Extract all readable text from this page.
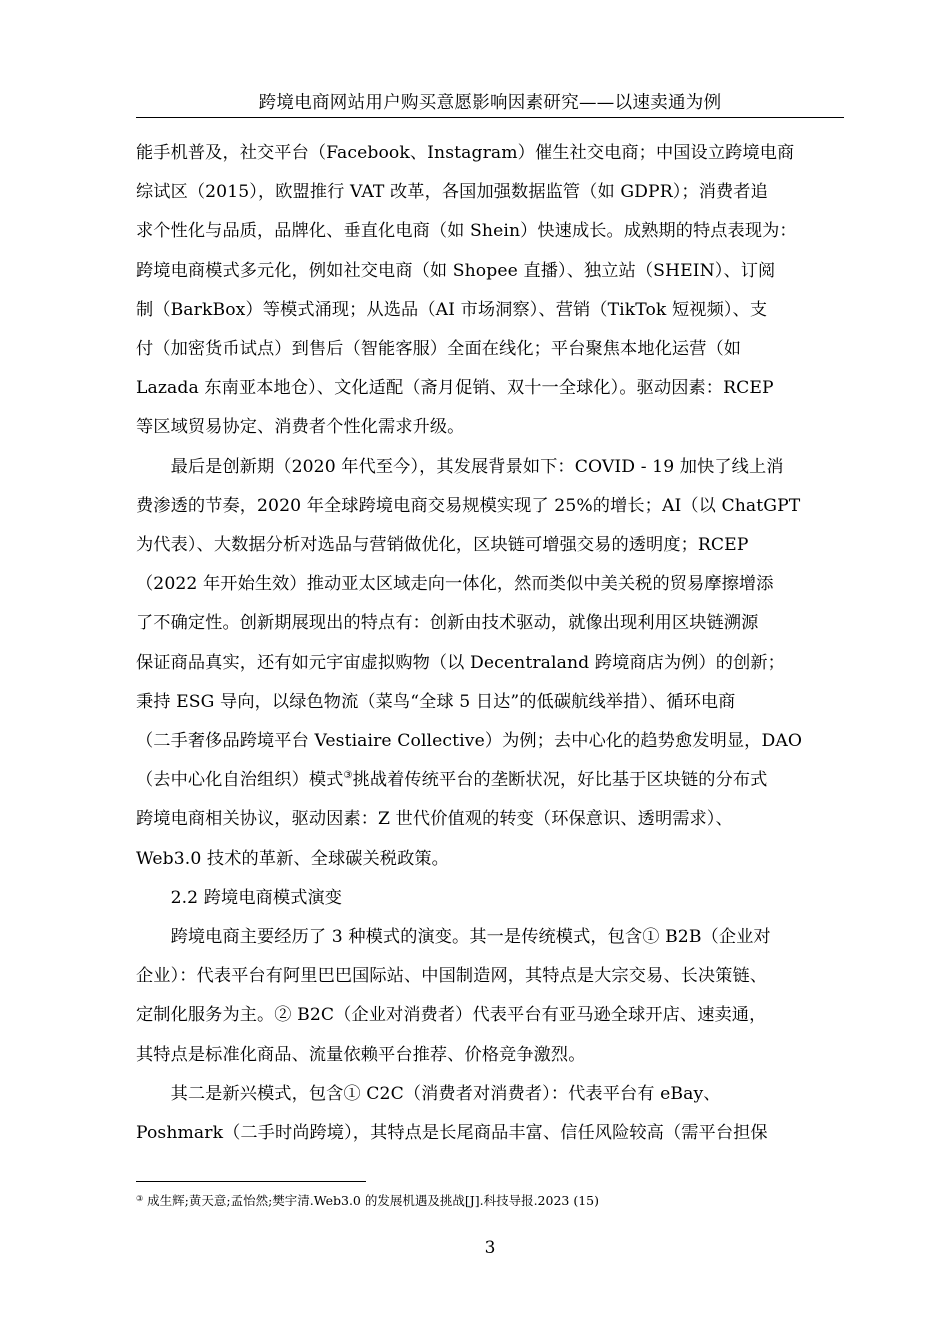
跨境电商网站用户购买意愿影响因素研究——以速卖通为例
能手机普及，社交平台（Facebook、Instagram）催生社交电商；中国设立跨境电商
综试区（2015），欧盟推行 VAT 改革，各国加强数据监管（如 GDPR）；消费者追
求个性化与品质，品牌化、垂直化电商（如 Shein）快速成长。成熟期的特点表现为：
跨境电商模式多元化，例如社交电商（如 Shopee 直播）、独立站（SHEIN）、订阅
制（BarkBox）等模式涌现；从选品（AI 市场洞察）、营销（TikTok 短视频）、支
付（加密货币试点）到售后（智能客服）全面在线化；平台聚焦本地化运营（如
Lazada 东南亚本地仓）、文化适配（斋月促销、双十一全球化）。驱动因素：RCEP
等区域贸易协定、消费者个性化需求升级。
　　最后是创新期（2020 年代至今），其发展背景如下：COVID - 19 加快了线上消
费渗透的节奏，2020 年全球跨境电商交易规模实现了 25%的增长；AI（以 ChatGPT
为代表）、大数据分析对选品与营销做优化，区块链可增强交易的透明度；RCEP
（2022 年开始生效）推动亚太区域走向一体化，然而类似中美关税的贸易摩擦增添
了不确定性。创新期展现出的特点有：创新由技术驱动，就像出现利用区块链溯源
保证商品真实，还有如元宇宙虚拟购物（以 Decentraland 跨境商店为例）的创新；
秉持 ESG 导向，以绿色物流（菜鸟“全球 5 日达”的低碳航线举措）、循环电商
（二手奢侈品跨境平台 Vestiaire Collective）为例；去中心化的趋势愈发明显，DAO
（去中心化自治组织）模式③挑战着传统平台的垄断状况，好比基于区块链的分布式
跨境电商相关协议，驱动因素：Z 世代价值观的转变（环保意识、透明需求）、
Web3.0 技术的革新、全球碳关税政策。
　　2.2 跨境电商模式演变
　　跨境电商主要经历了 3 种模式的演变。其一是传统模式，包含① B2B（企业对
企业）：代表平台有阿里巴巴国际站、中国制造网，其特点是大宗交易、长决策链、
定制化服务为主。② B2C（企业对消费者）代表平台有亚马逊全球开店、速卖通，
其特点是标准化商品、流量依赖平台推荐、价格竞争激烈。
　　其二是新兴模式，包含① C2C（消费者对消费者）：代表平台有 eBay、
Poshmark（二手时尚跨境），其特点是长尾商品丰富、信任风险较高（需平台担保
③ 成生辉;黄天意;孟怡然;樊宇清.Web3.0 的发展机遇及挑战[J].科技导报.2023 (15)
3
